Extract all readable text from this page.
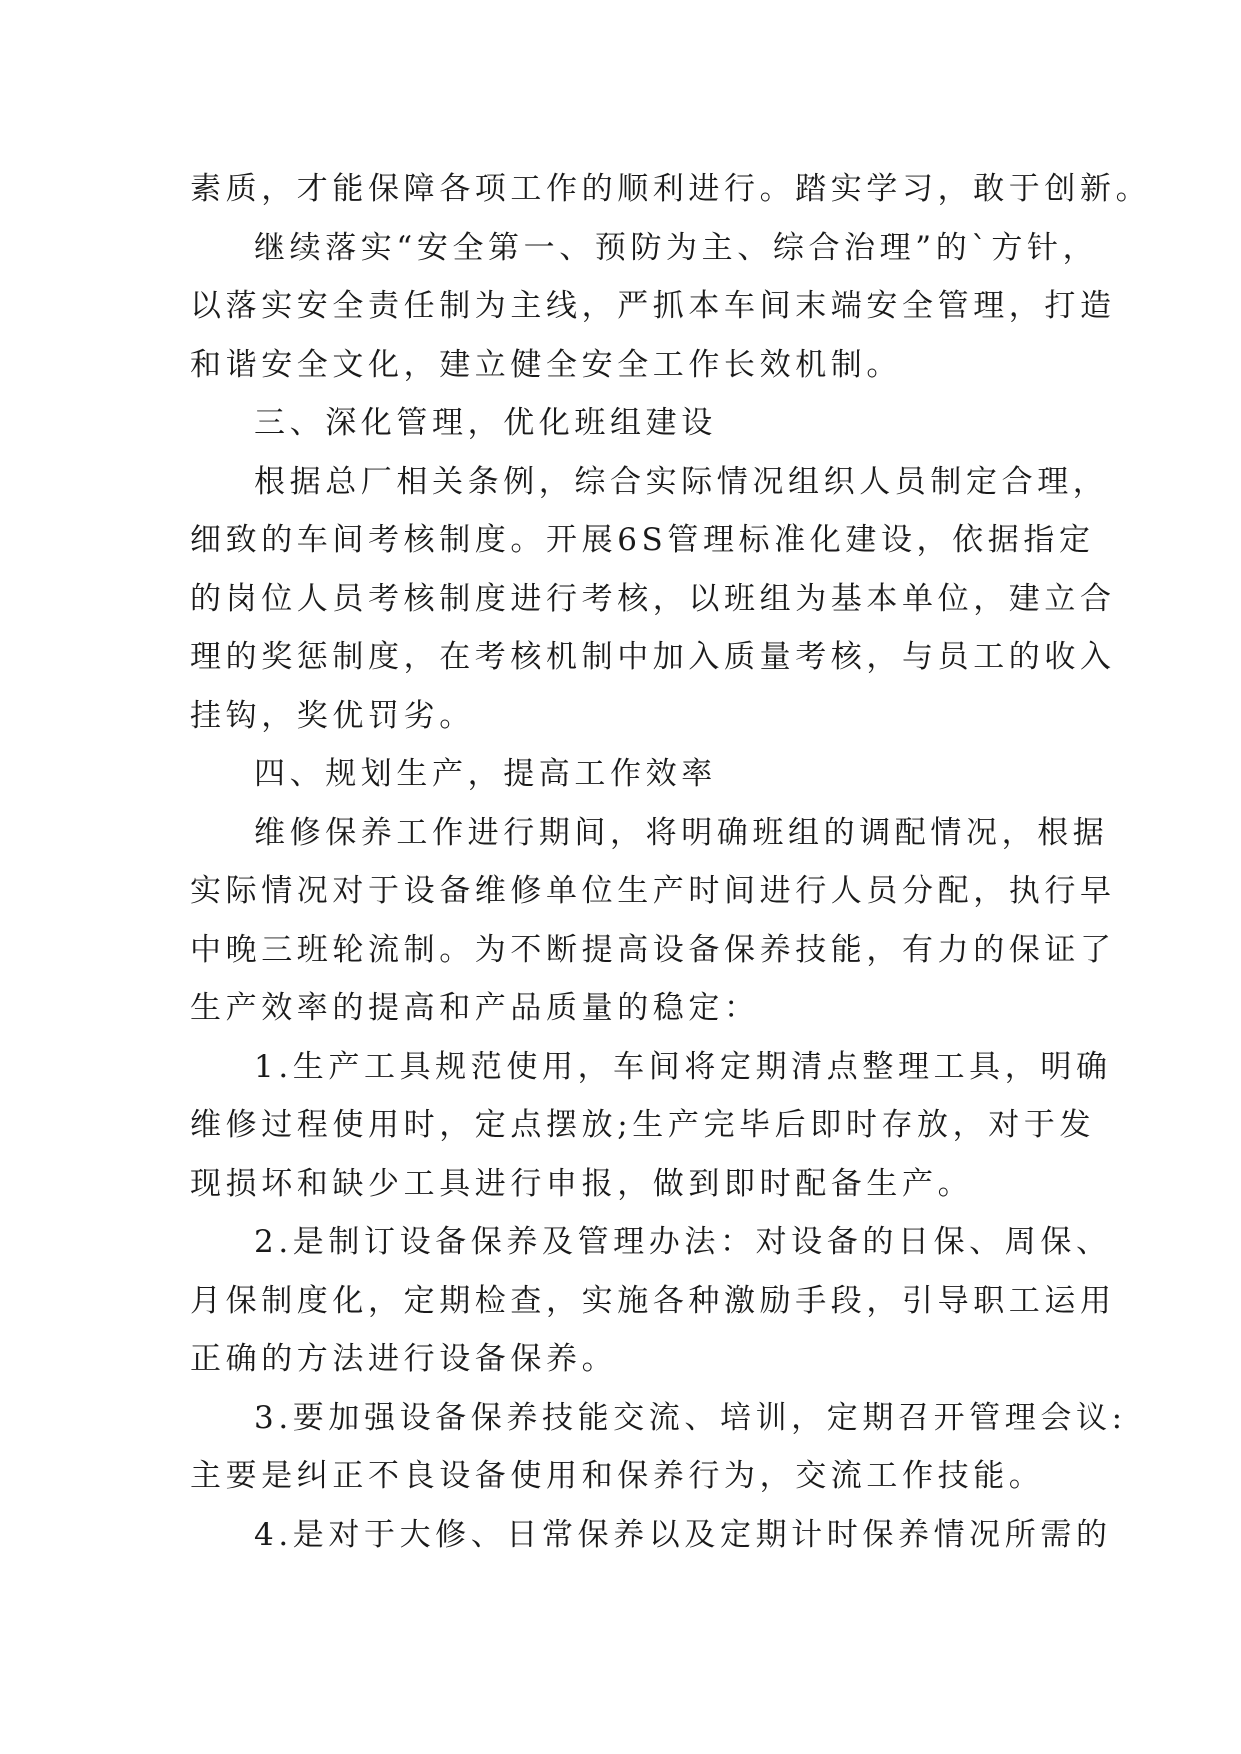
素质，才能保障各项工作的顺利进行。踏实学习，敢于创新。
继续落实“安全第一、预防为主、综合治理”的`方针，
以落实安全责任制为主线，严抓本车间末端安全管理，打造
和谐安全文化，建立健全安全工作长效机制。
三、深化管理，优化班组建设
根据总厂相关条例，综合实际情况组织人员制定合理，
细致的车间考核制度。开展6S管理标准化建设，依据指定
的岗位人员考核制度进行考核，以班组为基本单位，建立合
理的奖惩制度，在考核机制中加入质量考核，与员工的收入
挂钩，奖优罚劣。
四、规划生产，提高工作效率
维修保养工作进行期间，将明确班组的调配情况，根据
实际情况对于设备维修单位生产时间进行人员分配，执行早
中晚三班轮流制。为不断提高设备保养技能，有力的保证了
生产效率的提高和产品质量的稳定：
1.生产工具规范使用，车间将定期清点整理工具，明确
维修过程使用时，定点摆放;生产完毕后即时存放，对于发
现损坏和缺少工具进行申报，做到即时配备生产。
2.是制订设备保养及管理办法：对设备的日保、周保、
月保制度化，定期检查，实施各种激励手段，引导职工运用
正确的方法进行设备保养。
3.要加强设备保养技能交流、培训，定期召开管理会议:
主要是纠正不良设备使用和保养行为，交流工作技能。
4.是对于大修、日常保养以及定期计时保养情况所需的
